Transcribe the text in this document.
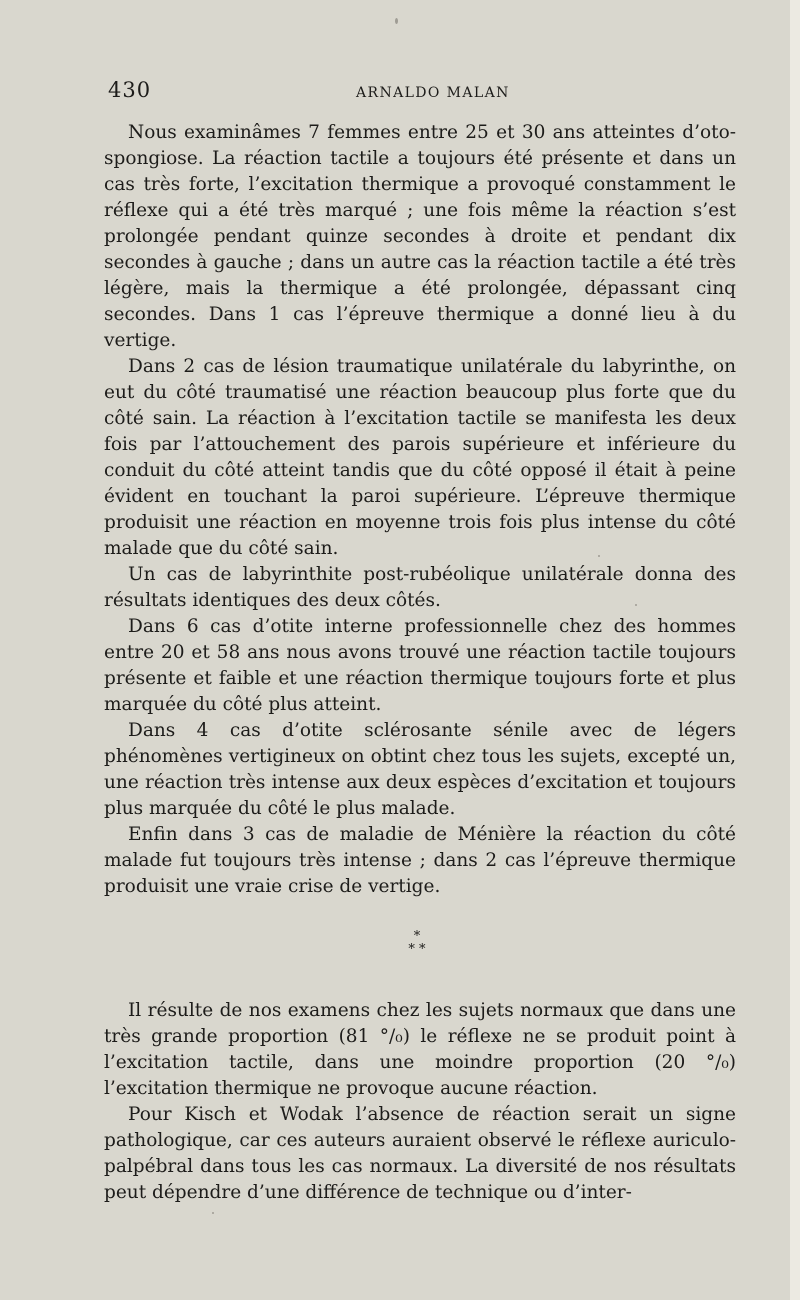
430	ARNALDO MALAN

Nous examinâmes 7 femmes entre 25 et 30 ans atteintes d’oto-spongiose. La réaction tactile a toujours été présente et dans un cas très forte, l’excitation thermique a provoqué constamment le réflexe qui a été très marqué ; une fois même la réaction s’est prolongée pendant quinze secondes à droite et pendant dix secondes à gauche ; dans un autre cas la réaction tactile a été très légère, mais la thermique a été prolongée, dépassant cinq secondes. Dans 1 cas l’épreuve thermique a donné lieu à du vertige.

Dans 2 cas de lésion traumatique unilatérale du labyrinthe, on eut du côté traumatisé une réaction beaucoup plus forte que du côté sain. La réaction à l’excitation tactile se manifesta les deux fois par l’attouchement des parois supérieure et inférieure du conduit du côté atteint tandis que du côté opposé il était à peine évident en touchant la paroi supérieure. L’épreuve thermique produisit une réaction en moyenne trois fois plus intense du côté malade que du côté sain.

Un cas de labyrinthite post-rubéolique unilatérale donna des résultats identiques des deux côtés.

Dans 6 cas d’otite interne professionnelle chez des hommes entre 20 et 58 ans nous avons trouvé une réaction tactile toujours présente et faible et une réaction thermique toujours forte et plus marquée du côté plus atteint.

Dans 4 cas d’otite sclérosante sénile avec de légers phénomènes vertigineux on obtint chez tous les sujets, excepté un, une réaction très intense aux deux espèces d’excitation et toujours plus marquée du côté le plus malade.

Enfin dans 3 cas de maladie de Ménière la réaction du côté malade fut toujours très intense ; dans 2 cas l’épreuve thermique produisit une vraie crise de vertige.

*
* *

Il résulte de nos examens chez les sujets normaux que dans une très grande proportion (81 °/₀) le réflexe ne se produit point à l’excitation tactile, dans une moindre proportion (20 °/₀) l’excitation thermique ne provoque aucune réaction.

Pour Kisch et Wodak l’absence de réaction serait un signe pathologique, car ces auteurs auraient observé le réflexe auriculo-palpébral dans tous les cas normaux. La diversité de nos résultats peut dépendre d’une différence de technique ou d’inter-
